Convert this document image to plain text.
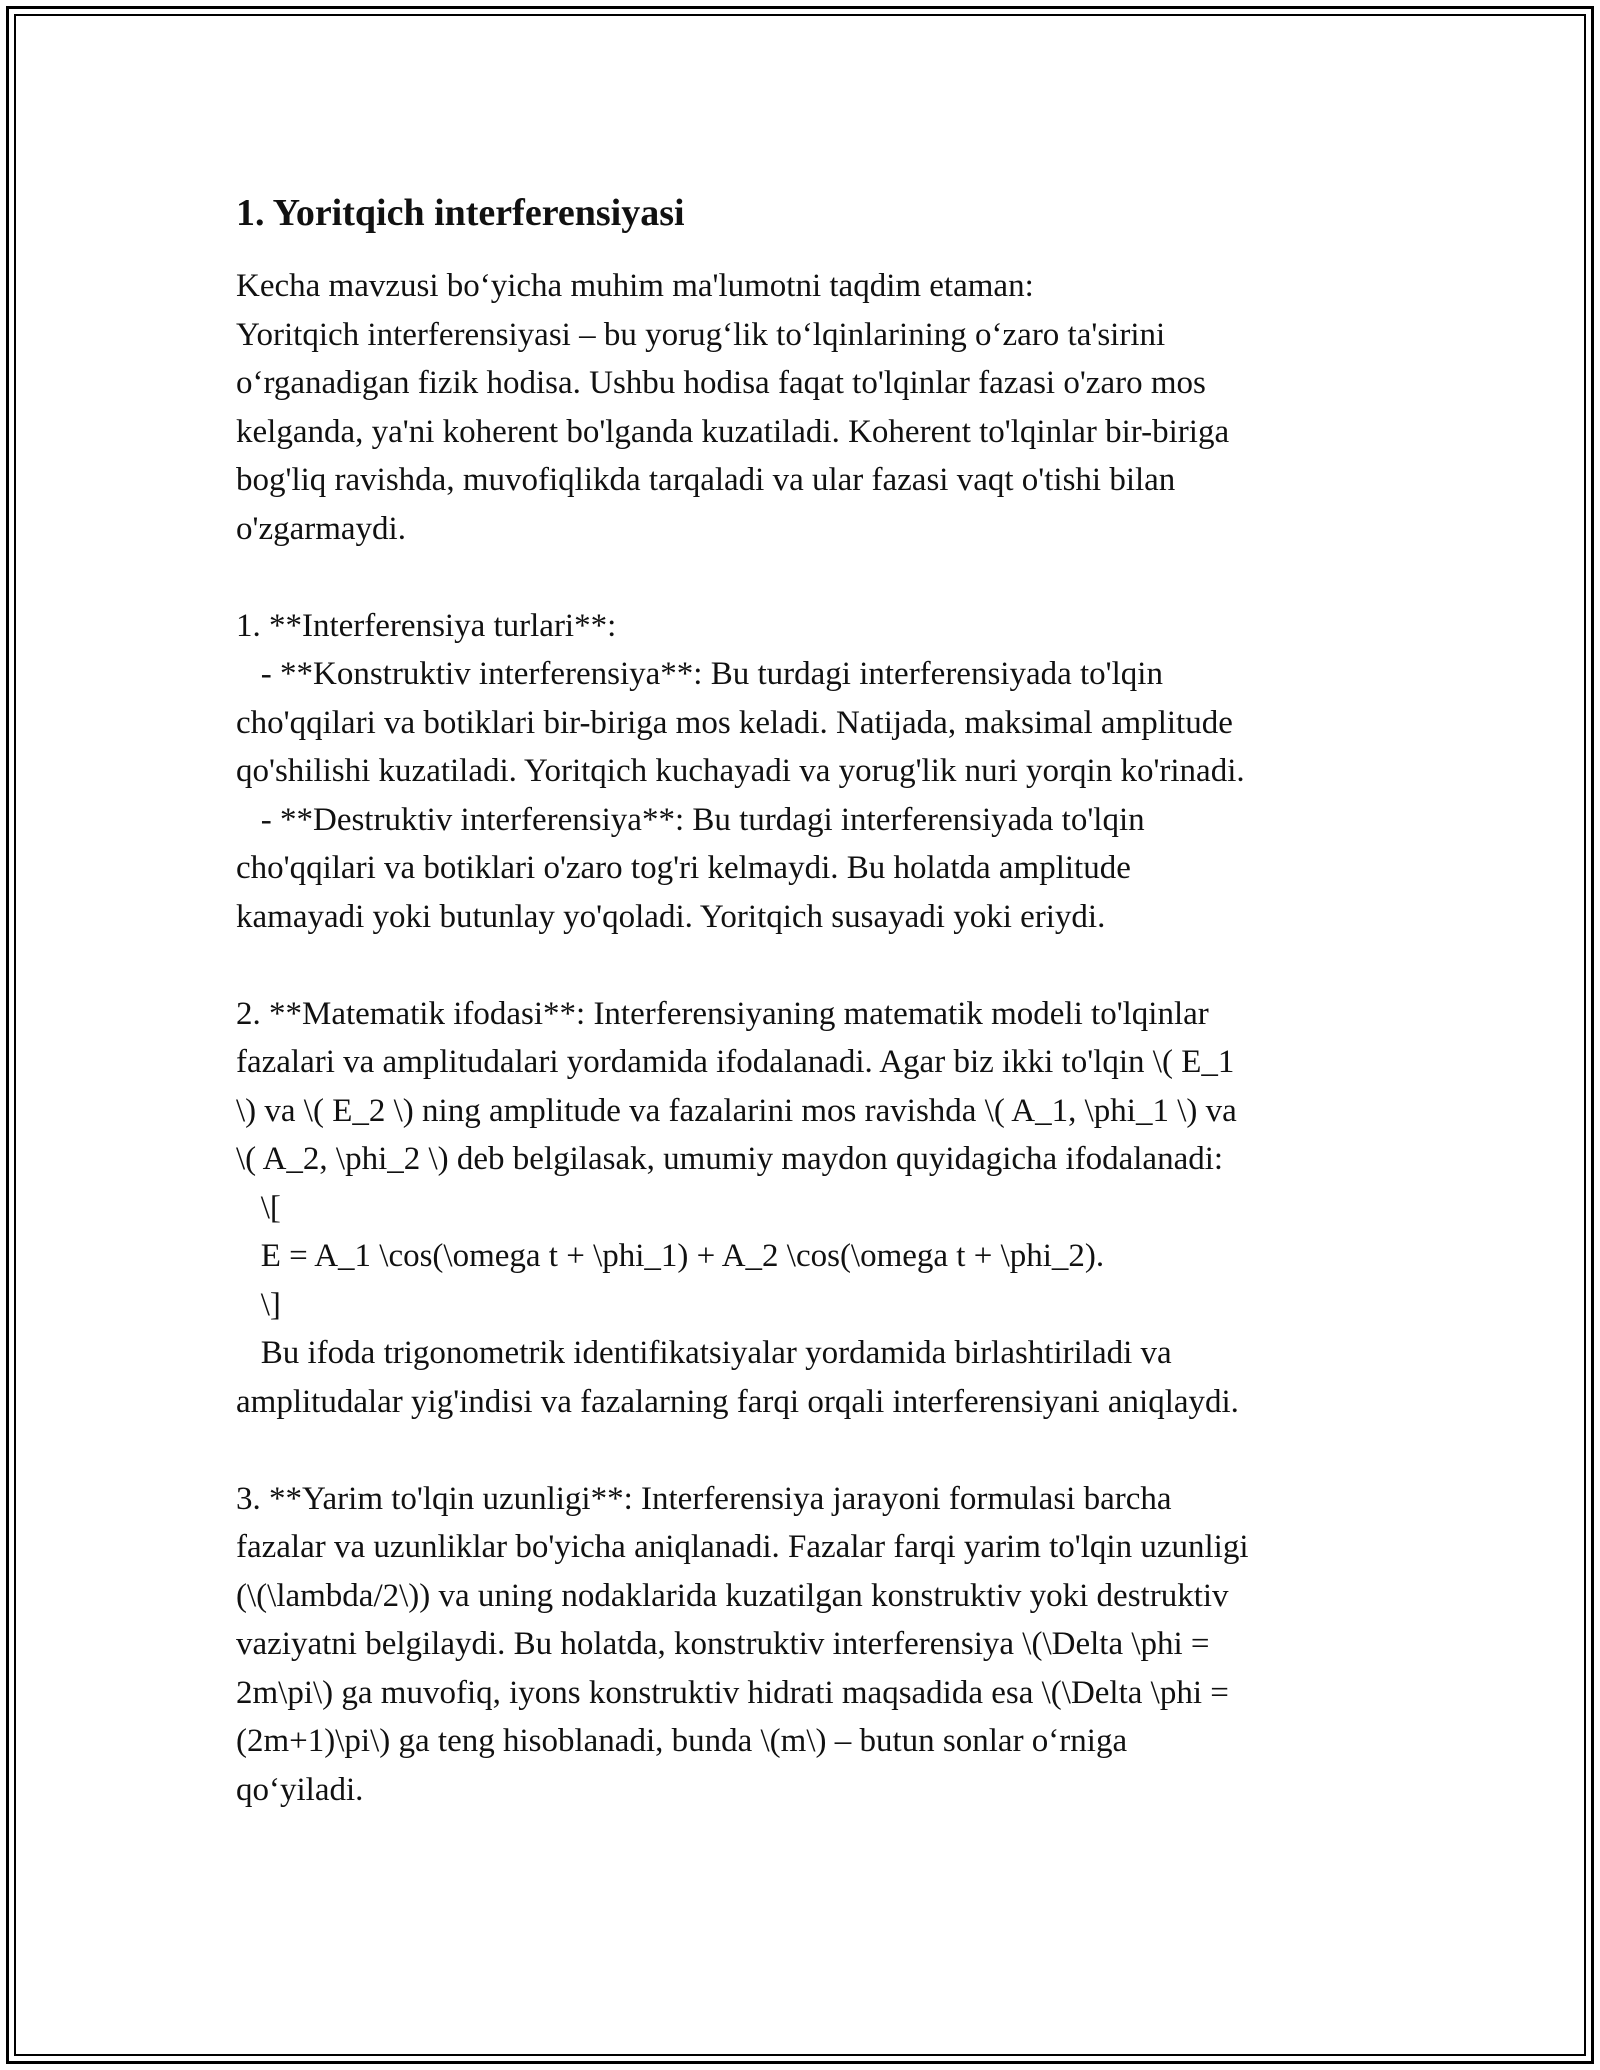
1. Yoritqich interferensiyasi

Kecha mavzusi bo‘yicha muhim ma'lumotni taqdim etaman:
Yoritqich interferensiyasi – bu yorug‘lik to‘lqinlarining o‘zaro ta'sirini
o‘rganadigan fizik hodisa. Ushbu hodisa faqat to'lqinlar fazasi o'zaro mos
kelganda, ya'ni koherent bo'lganda kuzatiladi. Koherent to'lqinlar bir-biriga
bog'liq ravishda, muvofiqlikda tarqaladi va ular fazasi vaqt o'tishi bilan
o'zgarmaydi.

1. **Interferensiya turlari**:
- **Konstruktiv interferensiya**: Bu turdagi interferensiyada to'lqin
cho'qqilari va botiklari bir-biriga mos keladi. Natijada, maksimal amplitude
qo'shilishi kuzatiladi. Yoritqich kuchayadi va yorug'lik nuri yorqin ko'rinadi.
- **Destruktiv interferensiya**: Bu turdagi interferensiyada to'lqin
cho'qqilari va botiklari o'zaro tog'ri kelmaydi. Bu holatda amplitude
kamayadi yoki butunlay yo'qoladi. Yoritqich susayadi yoki eriydi.

2. **Matematik ifodasi**: Interferensiyaning matematik modeli to'lqinlar
fazalari va amplitudalari yordamida ifodalanadi. Agar biz ikki to'lqin \( E_1
\) va \( E_2 \) ning amplitude va fazalarini mos ravishda \( A_1, \phi_1 \) va
\( A_2, \phi_2 \) deb belgilasak, umumiy maydon quyidagicha ifodalanadi:
\[
E = A_1 \cos(\omega t + \phi_1) + A_2 \cos(\omega t + \phi_2).
\]
Bu ifoda trigonometrik identifikatsiyalar yordamida birlashtiriladi va
amplitudalar yig'indisi va fazalarning farqi orqali interferensiyani aniqlaydi.

3. **Yarim to'lqin uzunligi**: Interferensiya jarayoni formulasi barcha
fazalar va uzunliklar bo'yicha aniqlanadi. Fazalar farqi yarim to'lqin uzunligi
(\(\lambda/2\)) va uning nodaklarida kuzatilgan konstruktiv yoki destruktiv
vaziyatni belgilaydi. Bu holatda, konstruktiv interferensiya \(\Delta \phi =
2m\pi\) ga muvofiq, iyons konstruktiv hidrati maqsadida esa \(\Delta \phi =
(2m+1)\pi\) ga teng hisoblanadi, bunda \(m\) – butun sonlar o‘rniga
qo‘yiladi.
